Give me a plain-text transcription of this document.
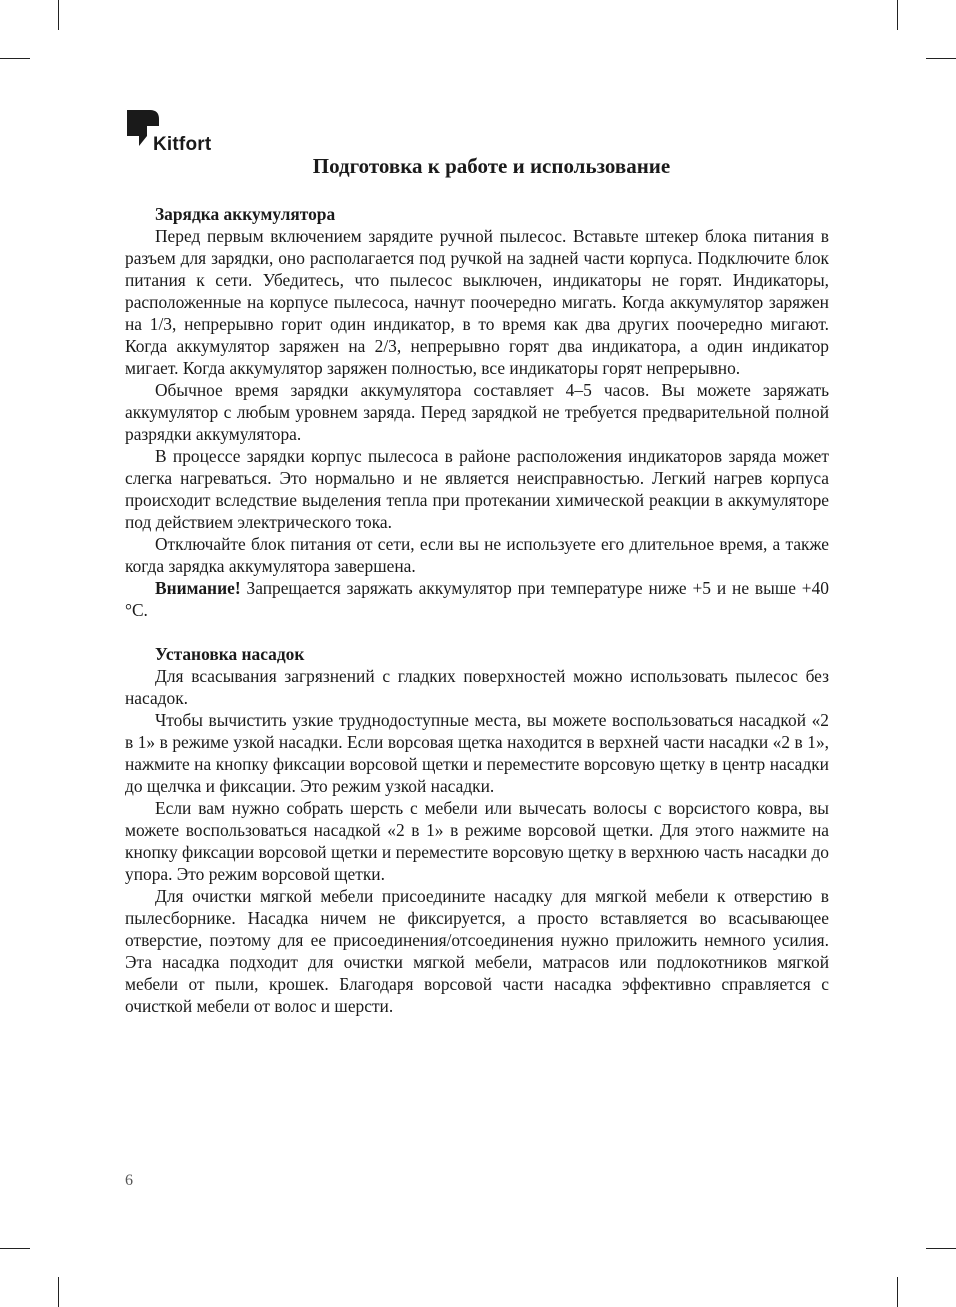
Kitfort
Подготовка к работе и использование
Зарядка аккумулятора

Перед первым включением зарядите ручной пылесос. Вставьте штекер блока питания в разъем для зарядки, оно располагается под ручкой на задней части корпуса. Подключите блок питания к сети. Убедитесь, что пылесос выключен, индикаторы не горят. Индикаторы, расположенные на корпусе пылесоса, начнут поочередно мигать. Когда аккумулятор заряжен на 1/3, непрерывно горит один индикатор, в то время как два других поочередно мигают. Когда аккумулятор заряжен на 2/3, непрерывно горят два индикатора, а один индикатор мигает. Когда аккумулятор заряжен полностью, все индикаторы горят непрерывно.

Обычное время зарядки аккумулятора составляет 4–5 часов. Вы можете заряжать аккумулятор с любым уровнем заряда. Перед зарядкой не требуется предварительной полной разрядки аккумулятора.

В процессе зарядки корпус пылесоса в районе расположения индикаторов заряда может слегка нагреваться. Это нормально и не является неисправностью. Легкий нагрев корпуса происходит вследствие выделения тепла при протекании химической реакции в аккумуляторе под действием электрического тока.

Отключайте блок питания от сети, если вы не используете его длительное время, а также когда зарядка аккумулятора завершена.

Внимание! Запрещается заряжать аккумулятор при температуре ниже +5 и не выше +40 °C.

Установка насадок

Для всасывания загрязнений с гладких поверхностей можно использовать пылесос без насадок.

Чтобы вычистить узкие труднодоступные места, вы можете воспользоваться насадкой «2 в 1» в режиме узкой насадки. Если ворсовая щетка находится в верхней части насадки «2 в 1», нажмите на кнопку фиксации ворсовой щетки и переместите ворсовую щетку в центр насадки до щелчка и фиксации. Это режим узкой насадки.

Если вам нужно собрать шерсть с мебели или вычесать волосы с ворсистого ковра, вы можете воспользоваться насадкой «2 в 1» в режиме ворсовой щетки. Для этого нажмите на кнопку фиксации ворсовой щетки и переместите ворсовую щетку в верхнюю часть насадки до упора. Это режим ворсовой щетки.

Для очистки мягкой мебели присоедините насадку для мягкой мебели к отверстию в пылесборнике. Насадка ничем не фиксируется, а просто вставляется во всасывающее отверстие, поэтому для ее присоединения/отсоединения нужно приложить немного усилия. Эта насадка подходит для очистки мягкой мебели, матрасов или подлокотников мягкой мебели от пыли, крошек. Благодаря ворсовой части насадка эффективно справляется с очисткой мебели от волос и шерсти.

6
